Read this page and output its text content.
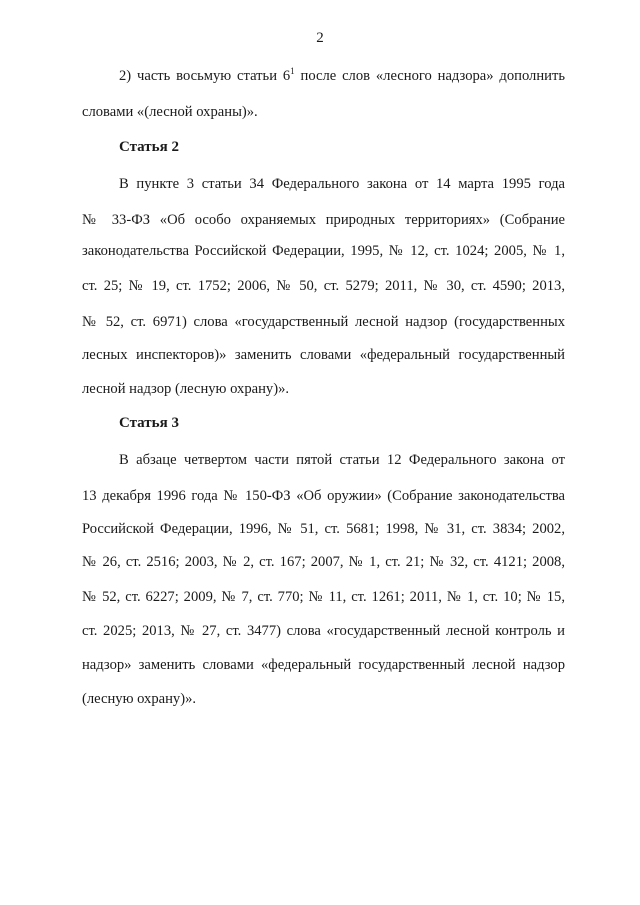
2
2) часть восьмую статьи $6^1$ после слов «лесного надзора» дополнить
словами «(лесной охраны)».
Статья 2
В пункте 3 статьи 34 Федерального закона от 14 марта 1995 года
№ 33-ФЗ «Об особо охраняемых природных территориях» (Собрание
законодательства Российской Федерации, 1995, № 12, ст. 1024; 2005, № 1,
ст. 25; № 19, ст. 1752; 2006, № 50, ст. 5279; 2011, № 30, ст. 4590; 2013,
№ 52, ст. 6971) слова «государственный лесной надзор (государственных
лесных инспекторов)» заменить словами «федеральный государственный
лесной надзор (лесную охрану)».
Статья 3
В абзаце четвертом части пятой статьи 12 Федерального закона от
13 декабря 1996 года № 150-ФЗ «Об оружии» (Собрание законодательства
Российской Федерации, 1996, № 51, ст. 5681; 1998, № 31, ст. 3834; 2002,
№ 26, ст. 2516; 2003, № 2, ст. 167; 2007, № 1, ст. 21; № 32, ст. 4121; 2008,
№ 52, ст. 6227; 2009, № 7, ст. 770; № 11, ст. 1261; 2011, № 1, ст. 10; № 15,
ст. 2025; 2013, № 27, ст. 3477) слова «государственный лесной контроль и
надзор» заменить словами «федеральный государственный лесной надзор
(лесную охрану)».
